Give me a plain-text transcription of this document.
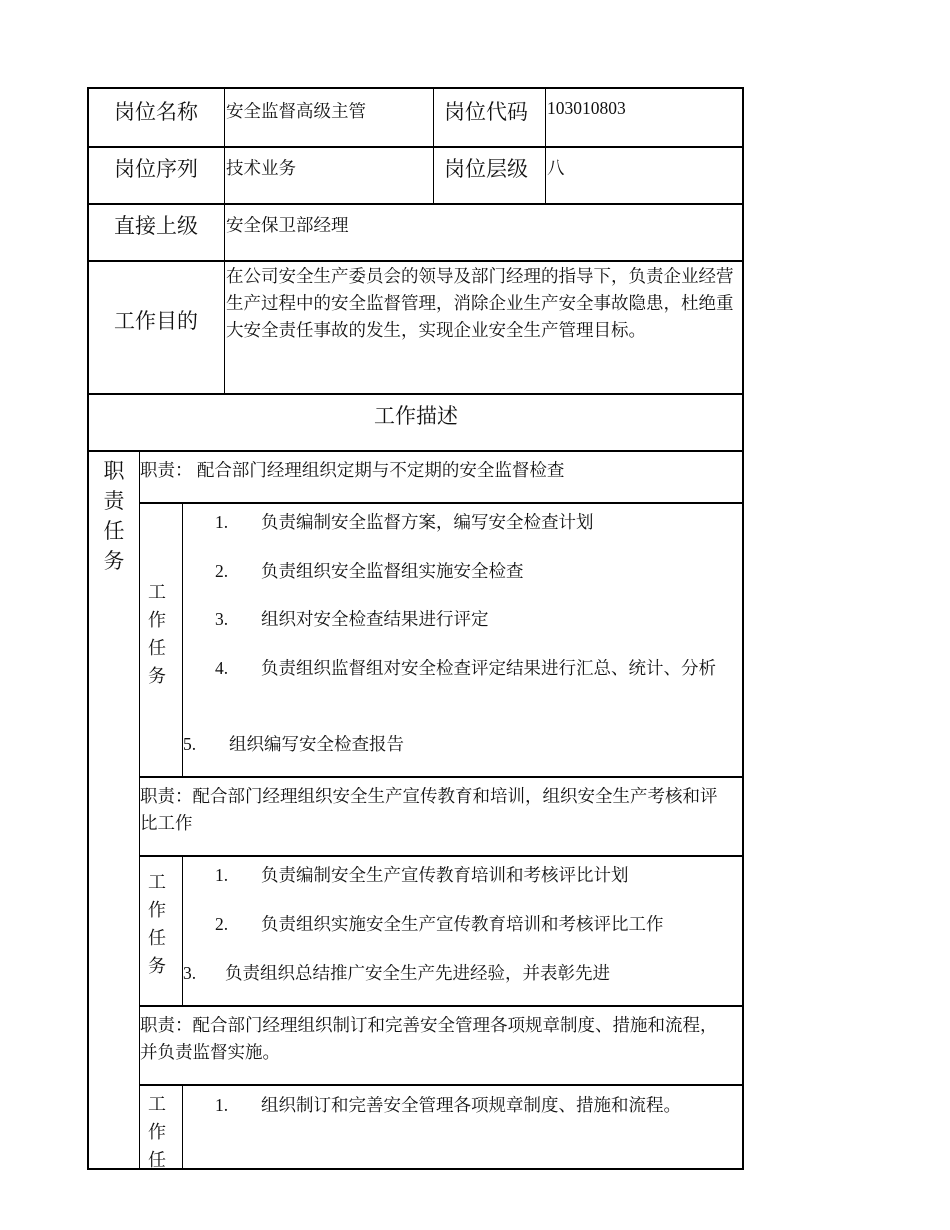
岗位名称 安全监督高级主管	岗位代码 103010803
岗位序列 技术业务	岗位层级 八
直接上级 安全保卫部经理
工作目的
在公司安全生产委员会的领导及部门经理的指导下，负责企业经营生产过程中的安全监督管理，消除企业生产安全事故隐患，杜绝重大安全责任事故的发生，实现企业安全生产管理目标。
工作描述
职责任务
职责： 配合部门经理组织定期与不定期的安全监督检查
工作任务
1. 负责编制安全监督方案，编写安全检查计划
2. 负责组织安全监督组实施安全检查
3. 组织对安全检查结果进行评定
4. 负责组织监督组对安全检查评定结果进行汇总、统计、分析
5. 组织编写安全检查报告
职责：配合部门经理组织安全生产宣传教育和培训，组织安全生产考核和评比工作
工作任务
1. 负责编制安全生产宣传教育培训和考核评比计划
2. 负责组织实施安全生产宣传教育培训和考核评比工作
3. 负责组织总结推广安全生产先进经验，并表彰先进
职责：配合部门经理组织制订和完善安全管理各项规章制度、措施和流程，并负责监督实施。
工作任
1. 组织制订和完善安全管理各项规章制度、措施和流程。
